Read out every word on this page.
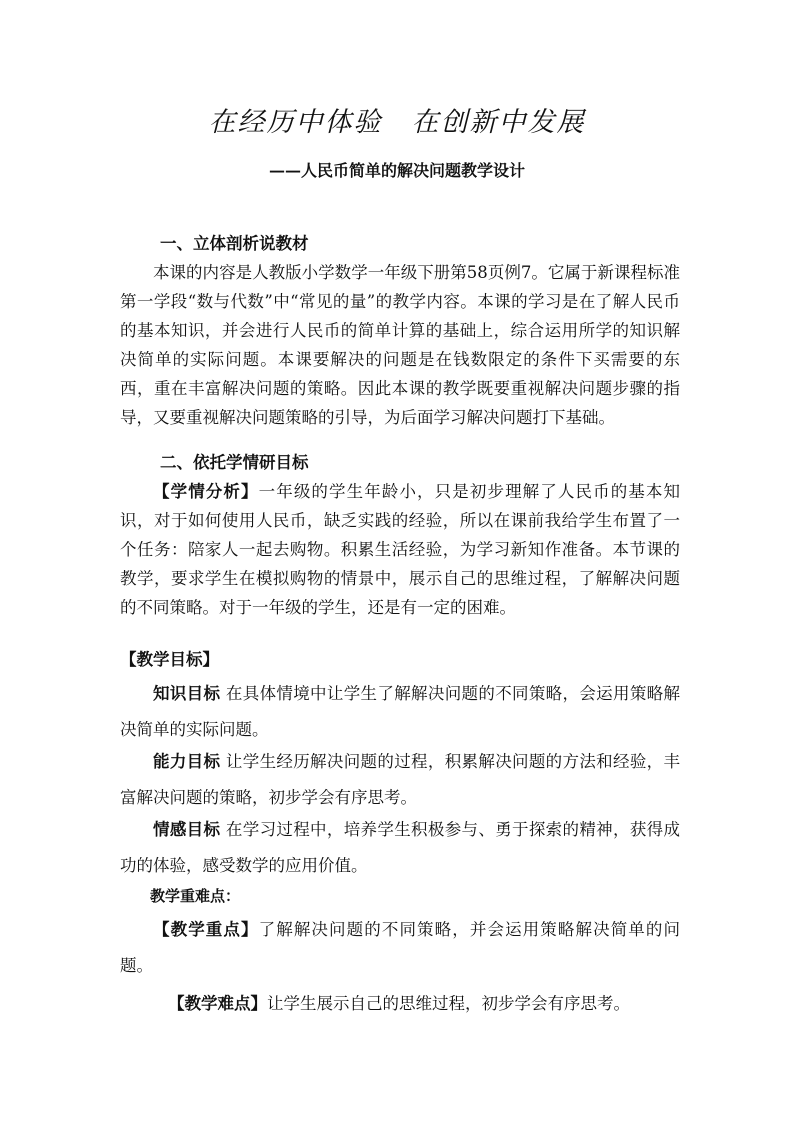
在经历中体验　在创新中发展
——人民币简单的解决问题教学设计
一、立体剖析说教材
本课的内容是人教版小学数学一年级下册第58页例7。它属于新课程标准第一学段“数与代数”中“常见的量”的教学内容。本课的学习是在了解人民币的基本知识，并会进行人民币的简单计算的基础上，综合运用所学的知识解决简单的实际问题。本课要解决的问题是在钱数限定的条件下买需要的东西，重在丰富解决问题的策略。因此本课的教学既要重视解决问题步骤的指导，又要重视解决问题策略的引导，为后面学习解决问题打下基础。
二、依托学情研目标
【学情分析】一年级的学生年龄小，只是初步理解了人民币的基本知识，对于如何使用人民币，缺乏实践的经验，所以在课前我给学生布置了一个任务：陪家人一起去购物。积累生活经验，为学习新知作准备。本节课的教学，要求学生在模拟购物的情景中，展示自己的思维过程，了解解决问题的不同策略。对于一年级的学生，还是有一定的困难。
【教学目标】
知识目标 在具体情境中让学生了解解决问题的不同策略，会运用策略解决简单的实际问题。
能力目标 让学生经历解决问题的过程，积累解决问题的方法和经验，丰富解决问题的策略，初步学会有序思考。
情感目标 在学习过程中，培养学生积极参与、勇于探索的精神，获得成功的体验，感受数学的应用价值。
教学重难点：
【教学重点】了解解决问题的不同策略，并会运用策略解决简单的问题。
【教学难点】让学生展示自己的思维过程，初步学会有序思考。
